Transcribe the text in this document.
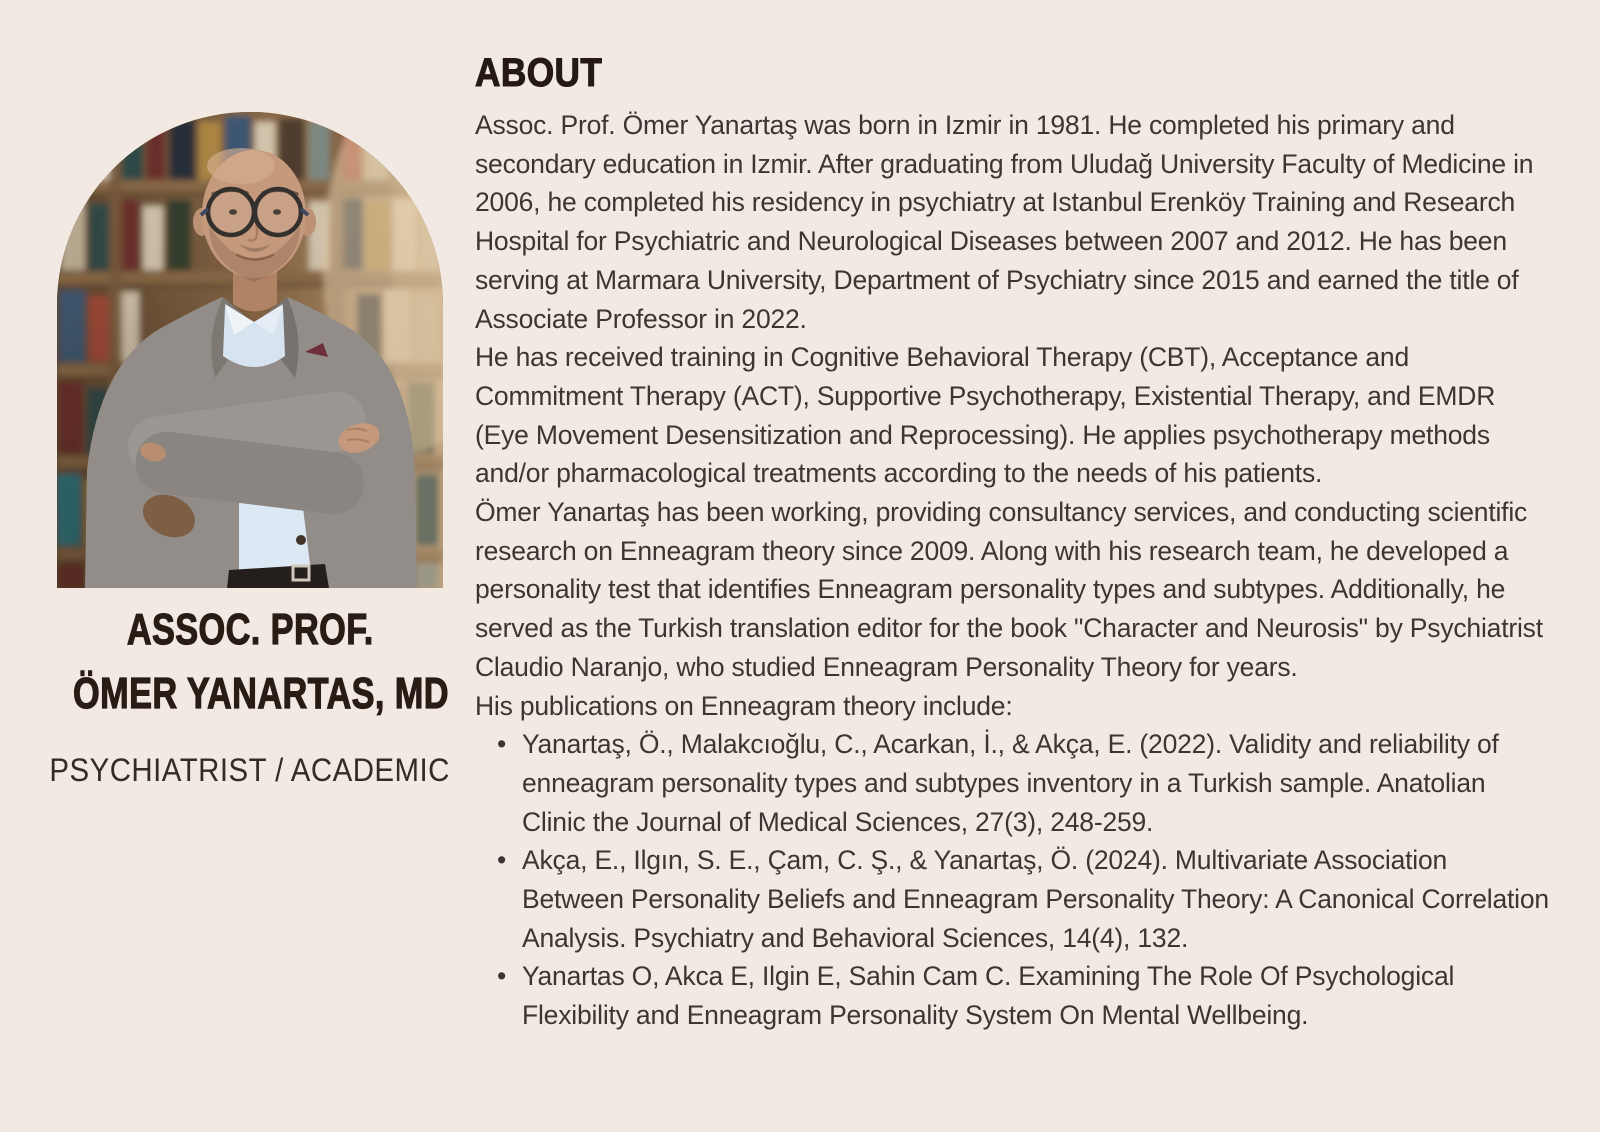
ASSOC. PROF.
ÖMER YANARTAS, MD
PSYCHIATRIST / ACADEMIC
ABOUT

Assoc. Prof. Ömer Yanartaş was born in Izmir in 1981. He completed his primary and secondary education in Izmir. After graduating from Uludağ University Faculty of Medicine in 2006, he completed his residency in psychiatry at Istanbul Erenköy Training and Research Hospital for Psychiatric and Neurological Diseases between 2007 and 2012. He has been serving at Marmara University, Department of Psychiatry since 2015 and earned the title of Associate Professor in 2022.

He has received training in Cognitive Behavioral Therapy (CBT), Acceptance and Commitment Therapy (ACT), Supportive Psychotherapy, Existential Therapy, and EMDR (Eye Movement Desensitization and Reprocessing). He applies psychotherapy methods and/or pharmacological treatments according to the needs of his patients.

Ömer Yanartaş has been working, providing consultancy services, and conducting scientific research on Enneagram theory since 2009. Along with his research team, he developed a personality test that identifies Enneagram personality types and subtypes. Additionally, he served as the Turkish translation editor for the book "Character and Neurosis" by Psychiatrist Claudio Naranjo, who studied Enneagram Personality Theory for years.

His publications on Enneagram theory include:

• Yanartaş, Ö., Malakcıoğlu, C., Acarkan, İ., & Akça, E. (2022). Validity and reliability of enneagram personality types and subtypes inventory in a Turkish sample. Anatolian Clinic the Journal of Medical Sciences, 27(3), 248-259.
• Akça, E., Ilgın, S. E., Çam, C. Ş., & Yanartaş, Ö. (2024). Multivariate Association Between Personality Beliefs and Enneagram Personality Theory: A Canonical Correlation Analysis. Psychiatry and Behavioral Sciences, 14(4), 132.
• Yanartas O, Akca E, Ilgin E, Sahin Cam C. Examining The Role Of Psychological Flexibility and Enneagram Personality System On Mental Wellbeing.
